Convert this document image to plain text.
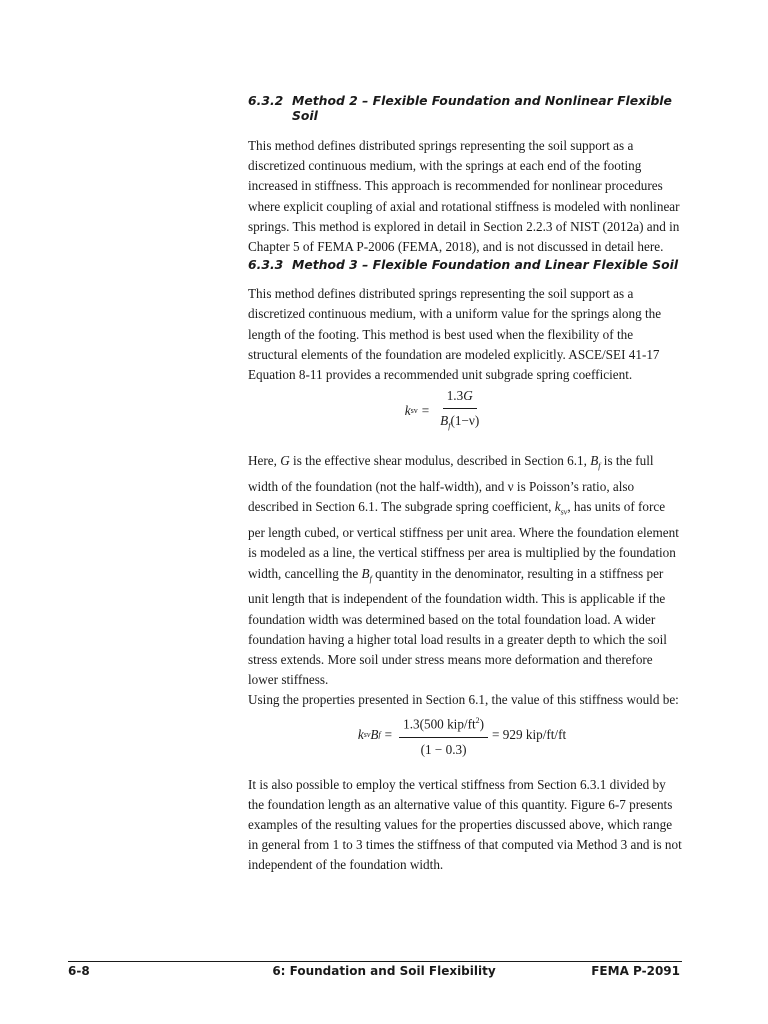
6.3.2 Method 2 – Flexible Foundation and Nonlinear Flexible Soil

This method defines distributed springs representing the soil support as a discretized continuous medium, with the springs at each end of the footing increased in stiffness. This approach is recommended for nonlinear procedures where explicit coupling of axial and rotational stiffness is modeled with nonlinear springs. This method is explored in detail in Section 2.2.3 of NIST (2012a) and in Chapter 5 of FEMA P-2006 (FEMA, 2018), and is not discussed in detail here.

6.3.3 Method 3 – Flexible Foundation and Linear Flexible Soil

This method defines distributed springs representing the soil support as a discretized continuous medium, with a uniform value for the springs along the length of the footing. This method is best used when the flexibility of the structural elements of the foundation are modeled explicitly. ASCE/SEI 41-17 Equation 8-11 provides a recommended unit subgrade spring coefficient.

k sv = $\frac{1.3G}{B_f(1-\nu)}$

Here, G is the effective shear modulus, described in Section 6.1, $B_f$ is the full width of the foundation (not the half-width), and ν is Poisson’s ratio, also described in Section 6.1. The subgrade spring coefficient, $k_{sv}$, has units of force per length cubed, or vertical stiffness per unit area. Where the foundation element is modeled as a line, the vertical stiffness per area is multiplied by the foundation width, cancelling the $B_f$ quantity in the denominator, resulting in a stiffness per unit length that is independent of the foundation width. This is applicable if the foundation width was determined based on the total foundation load. A wider foundation having a higher total load results in a greater depth to which the soil stress extends. More soil under stress means more deformation and therefore lower stiffness.

Using the properties presented in Section 6.1, the value of this stiffness would be:

k sv B $f = \frac{1.3(500 kip/ft^2)}{(1 - 0.3)} = 929$ kip/ft/ft

It is also possible to employ the vertical stiffness from Section 6.3.1 divided by the foundation length as an alternative value of this quantity. Figure 6-7 presents examples of the resulting values for the properties discussed above, which range in general from 1 to 3 times the stiffness of that computed via Method 3 and is not independent of the foundation width.

6-8	6: Foundation and Soil Flexibility	FEMA P-2091
